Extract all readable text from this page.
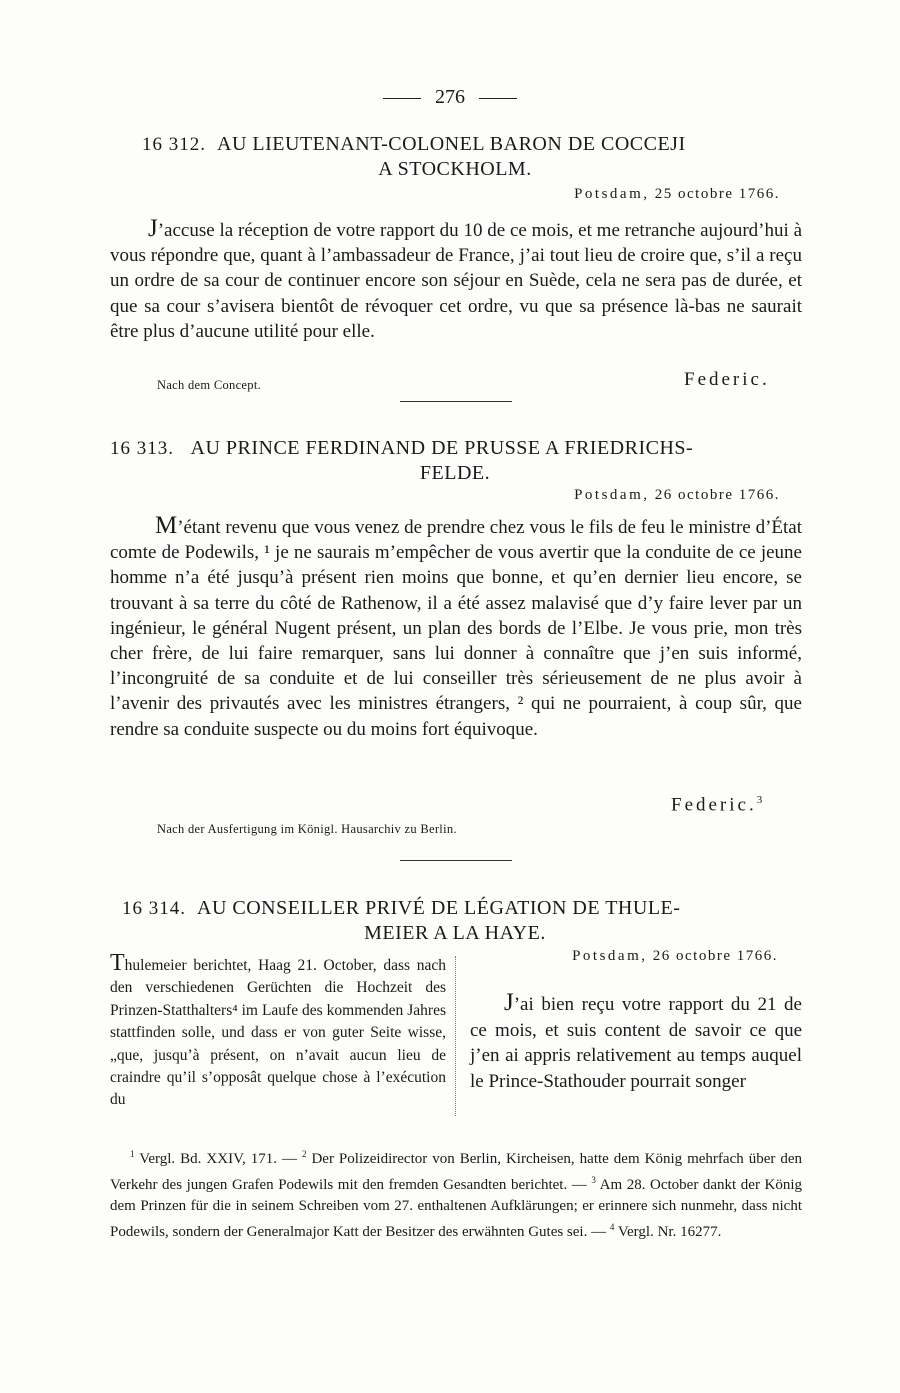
276
16 312. AU LIEUTENANT-COLONEL BARON DE COCCEJI
A STOCKHOLM.
Potsdam, 25 octobre 1766.

J’accuse la réception de votre rapport du 10 de ce mois, et me retranche aujourd’hui à vous répondre que, quant à l’ambassadeur de France, j’ai tout lieu de croire que, s’il a reçu un ordre de sa cour de continuer encore son séjour en Suède, cela ne sera pas de durée, et que sa cour s’avisera bientôt de révoquer cet ordre, vu que sa présence là-bas ne saurait être plus d’aucune utilité pour elle.

Nach dem Concept.	Federic.
16 313. AU PRINCE FERDINAND DE PRUSSE A FRIEDRICHS-
FELDE.
Potsdam, 26 octobre 1766.

M’étant revenu que vous venez de prendre chez vous le fils de feu le ministre d’État comte de Podewils, ¹ je ne saurais m’empêcher de vous avertir que la conduite de ce jeune homme n’a été jusqu’à présent rien moins que bonne, et qu’en dernier lieu encore, se trouvant à sa terre du côté de Rathenow, il a été assez malavisé que d’y faire lever par un ingénieur, le général Nugent présent, un plan des bords de l’Elbe. Je vous prie, mon très cher frère, de lui faire remarquer, sans lui donner à connaître que j’en suis informé, l’incongruité de sa conduite et de lui conseiller très sérieusement de ne plus avoir à l’avenir des privautés avec les ministres étrangers, ² qui ne pourraient, à coup sûr, que rendre sa conduite suspecte ou du moins fort équivoque.

Federic.$^3$
Nach der Ausfertigung im Königl. Hausarchiv zu Berlin.
16 314. AU CONSEILLER PRIVÉ DE LÉGATION DE THULE-
MEIER A LA HAYE.

Thulemeier berichtet, Haag 21. October, dass nach den verschiedenen Gerüchten die Hochzeit des Prinzen-Statthalters⁴ im Laufe des kommenden Jahres stattfinden solle, und dass er von guter Seite wisse, „que, jusqu’à présent, on n’avait aucun lieu de craindre qu’il s’opposât quelque chose à l’exécution du

Potsdam, 26 octobre 1766.

J’ai bien reçu votre rapport du 21 de ce mois, et suis content de savoir ce que j’en ai appris relativement au temps auquel le Prince-Stathouder pourrait songer

$^1$ Vergl. Bd. XXIV, 171. — $^2$ Der Polizeidirector von Berlin, Kircheisen, hatte dem König mehrfach über den Verkehr des jungen Grafen Podewils mit den fremden Gesandten berichtet. — $^3$ Am 28. October dankt der König dem Prinzen für die in seinem Schreiben vom 27. enthaltenen Aufklärungen; er erinnere sich nunmehr, dass nicht Podewils, sondern der Generalmajor Katt der Besitzer des erwähnten Gutes sei. — $^4$ Vergl. Nr. 16277.
